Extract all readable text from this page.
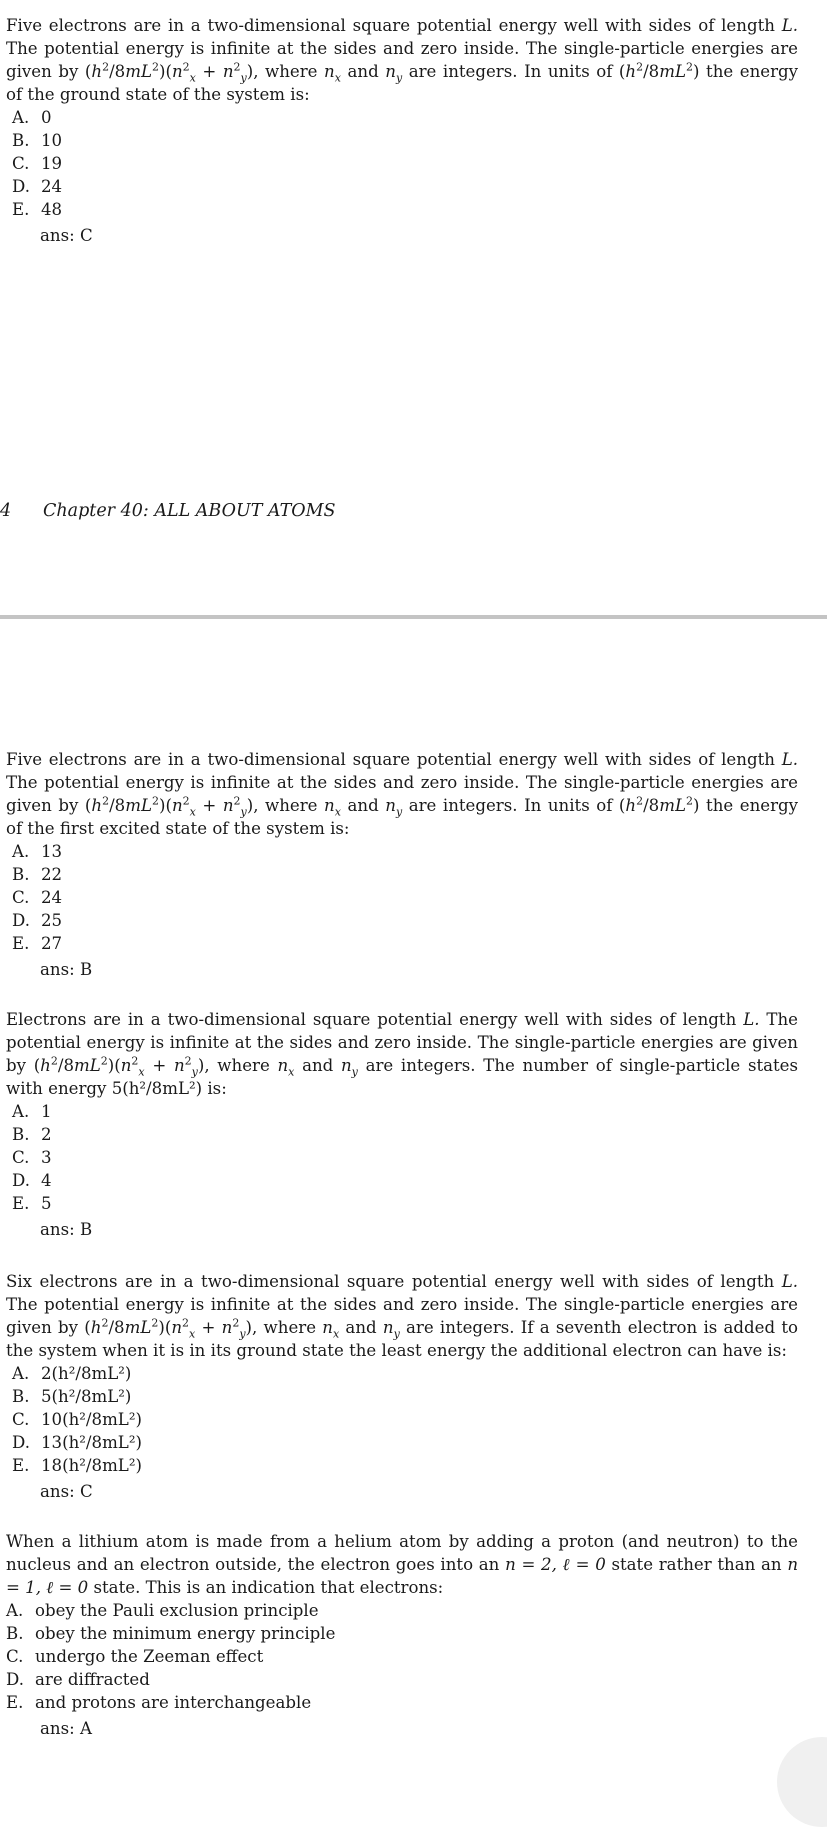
Five electrons are in a two-dimensional square potential energy well with sides of length L. The potential energy is infinite at the sides and zero inside. The single-particle energies are given by $(h^2/8mL^2)(n^2_x + n^2_y)$, where $n_x$ and $n_y$ are integers. In units of $(h^2/8mL^2)$ the energy of the ground state of the system is:
A. 0
B. 10
C. 19
D. 24
E. 48
ans: C
4 Chapter 40: ALL ABOUT ATOMS
Five electrons are in a two-dimensional square potential energy well with sides of length L. The potential energy is infinite at the sides and zero inside. The single-particle energies are given by $(h^2/8mL^2)(n^2_x + n^2_y)$, where $n_x$ and $n_y$ are integers. In units of $(h^2/8mL^2)$ the energy of the first excited state of the system is:
A. 13
B. 22
C. 24
D. 25
E. 27
ans: B
Electrons are in a two-dimensional square potential energy well with sides of length L. The potential energy is infinite at the sides and zero inside. The single-particle energies are given by $(h^2/8mL^2)(n^2_x + n^2_y)$, where $n_x$ and $n_y$ are integers. The number of single-particle states with energy 5(h²/8mL²) is:
A. 1
B. 2
C. 3
D. 4
E. 5
ans: B
Six electrons are in a two-dimensional square potential energy well with sides of length L. The potential energy is infinite at the sides and zero inside. The single-particle energies are given by $(h^2/8mL^2)(n^2_x + n^2_y)$, where $n_x$ and $n_y$ are integers. If a seventh electron is added to the system when it is in its ground state the least energy the additional electron can have is:
A. 2(h²/8mL²)
B. 5(h²/8mL²)
C. 10(h²/8mL²)
D. 13(h²/8mL²)
E. 18(h²/8mL²)
ans: C
When a lithium atom is made from a helium atom by adding a proton (and neutron) to the nucleus and an electron outside, the electron goes into an n = 2, ℓ = 0 state rather than an n = 1, ℓ = 0 state. This is an indication that electrons:
A. obey the Pauli exclusion principle
B. obey the minimum energy principle
C. undergo the Zeeman effect
D. are diffracted
E. and protons are interchangeable
ans: A
